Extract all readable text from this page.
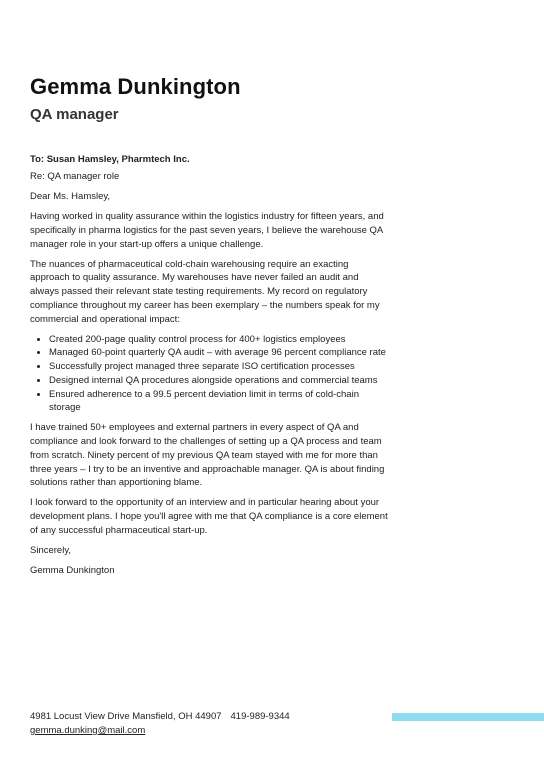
Gemma Dunkington
QA manager

To: Susan Hamsley, Pharmtech Inc.

Re: QA manager role

Dear Ms. Hamsley,

Having worked in quality assurance within the logistics industry for fifteen years, and specifically in pharma logistics for the past seven years, I believe the warehouse QA manager role in your start-up offers a unique challenge.

The nuances of pharmaceutical cold-chain warehousing require an exacting approach to quality assurance. My warehouses have never failed an audit and always passed their relevant state testing requirements. My record on regulatory compliance throughout my career has been exemplary – the numbers speak for my commercial and operational impact:

• Created 200-page quality control process for 400+ logistics employees
• Managed 60-point quarterly QA audit – with average 96 percent compliance rate
• Successfully project managed three separate ISO certification processes
• Designed internal QA procedures alongside operations and commercial teams
• Ensured adherence to a 99.5 percent deviation limit in terms of cold-chain storage

I have trained 50+ employees and external partners in every aspect of QA and compliance and look forward to the challenges of setting up a QA process and team from scratch. Ninety percent of my previous QA team stayed with me for more than three years – I try to be an inventive and approachable manager. QA is about finding solutions rather than apportioning blame.

I look forward to the opportunity of an interview and in particular hearing about your development plans. I hope you'll agree with me that QA compliance is a core element of any successful pharmaceutical start-up.

Sincerely,

Gemma Dunkington

4981 Locust View Drive Mansfield, OH 44907 419-989-9344
gemma.dunking@mail.com
